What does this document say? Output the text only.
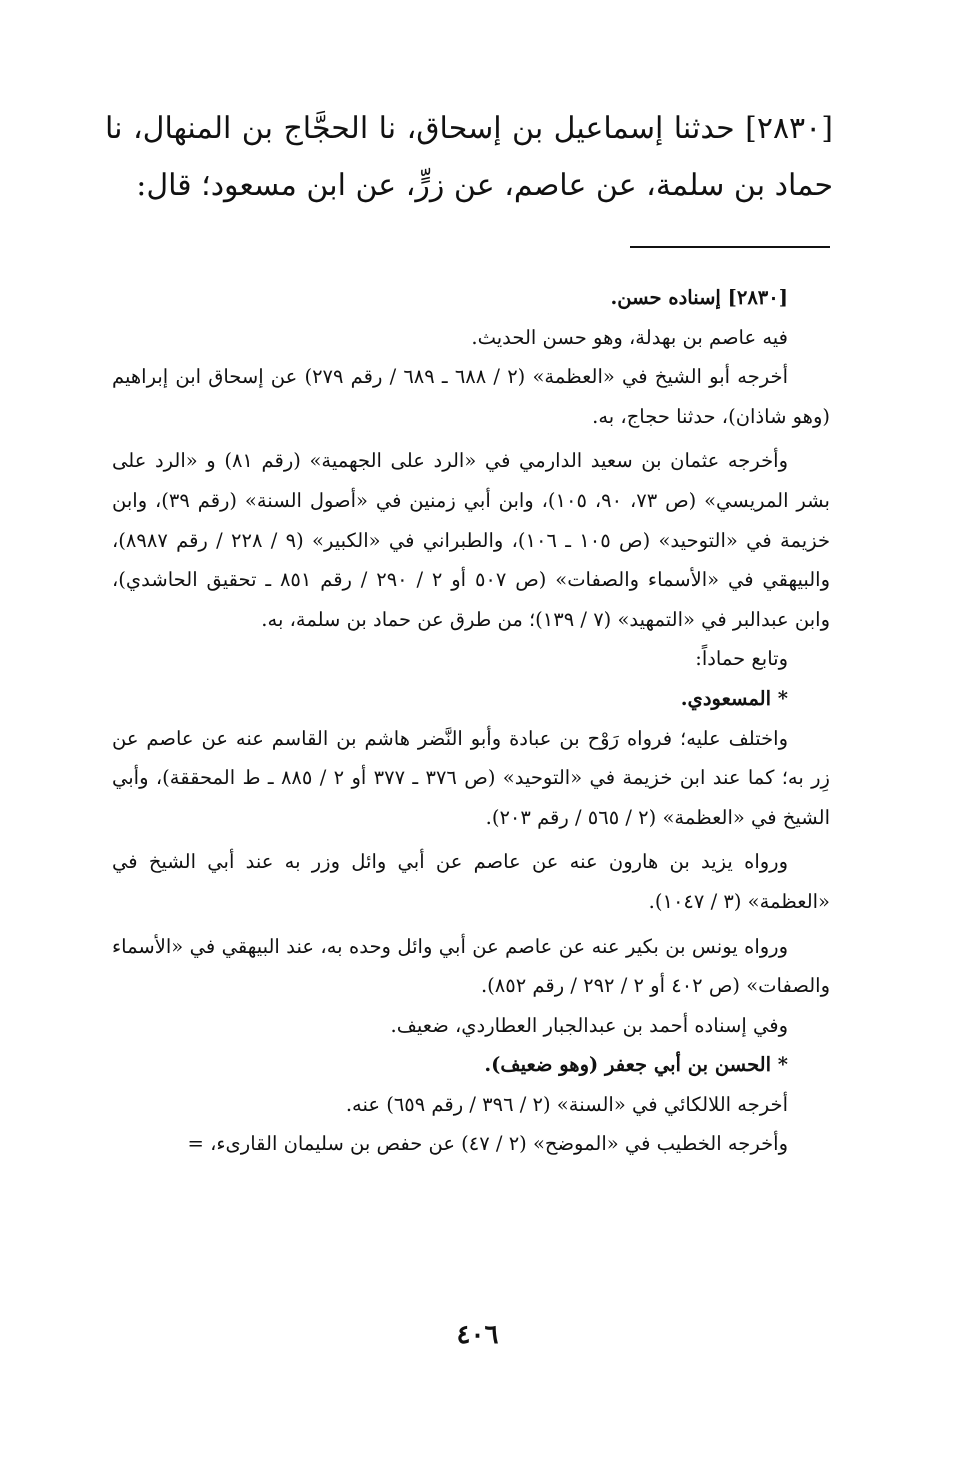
[٢٨٣٠] حدثنا إسماعيل بن إسحاق، نا الحجَّاج بن المنهال، نا حماد بن سلمة، عن عاصم، عن زرٍّ، عن ابن مسعود؛ قال:

[٢٨٣٠] إسناده حسن.

فيه عاصم بن بهدلة، وهو حسن الحديث.

أخرجه أبو الشيخ في «العظمة» (٢ / ٦٨٨ ـ ٦٨٩ / رقم ٢٧٩) عن إسحاق ابن إبراهيم (وهو شاذان)، حدثنا حجاج، به.

وأخرجه عثمان بن سعيد الدارمي في «الرد على الجهمية» (رقم ٨١) و «الرد على بشر المريسي» (ص ٧٣، ٩٠، ١٠٥)، وابن أبي زمنين في «أصول السنة» (رقم ٣٩)، وابن خزيمة في «التوحيد» (ص ١٠٥ ـ ١٠٦)، والطبراني في «الكبير» (٩ / ٢٢٨ / رقم ٨٩٨٧)، والبيهقي في «الأسماء والصفات» (ص ٥٠٧ أو ٢ / ٢٩٠ / رقم ٨٥١ ـ تحقيق الحاشدي)، وابن عبدالبر في «التمهيد» (٧ / ١٣٩)؛ من طرق عن حماد بن سلمة، به.

وتابع حماداً:

* المسعودي.

واختلف عليه؛ فرواه رَوْح بن عبادة وأبو النَّضر هاشم بن القاسم عنه عن عاصم عن زِر به؛ كما عند ابن خزيمة في «التوحيد» (ص ٣٧٦ ـ ٣٧٧ أو ٢ / ٨٨٥ ـ ط المحققة)، وأبي الشيخ في «العظمة» (٢ / ٥٦٥ / رقم ٢٠٣).

ورواه يزيد بن هارون عنه عن عاصم عن أبي وائل وزر به عند أبي الشيخ في «العظمة» (٣ / ١٠٤٧).

ورواه يونس بن بكير عنه عن عاصم عن أبي وائل وحده به، عند البيهقي في «الأسماء والصفات» (ص ٤٠٢ أو ٢ / ٢٩٢ / رقم ٨٥٢).

وفي إسناده أحمد بن عبدالجبار العطاردي، ضعيف.

* الحسن بن أبي جعفر (وهو ضعيف).

أخرجه اللالكائي في «السنة» (٢ / ٣٩٦ / رقم ٦٥٩) عنه.

وأخرجه الخطيب في «الموضح» (٢ / ٤٧) عن حفص بن سليمان القارىء، =

٤٠٦
